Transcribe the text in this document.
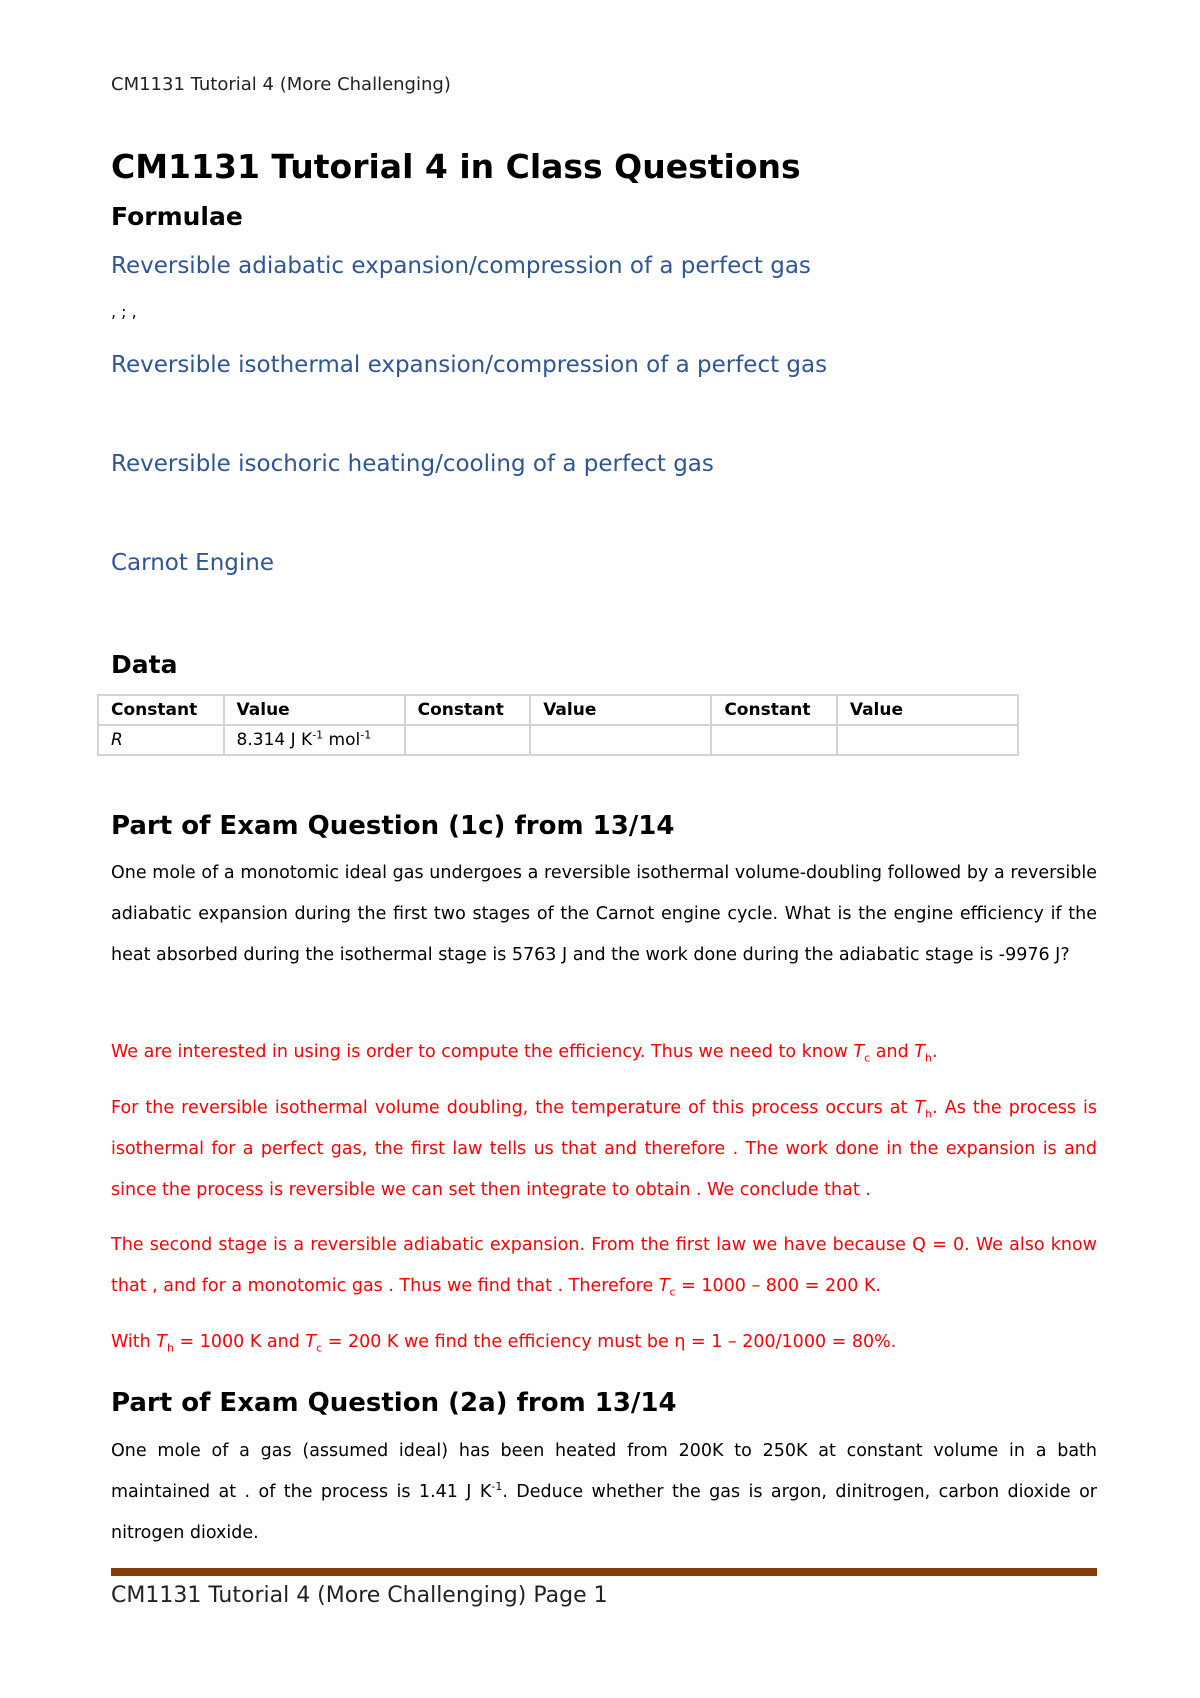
CM1131 Tutorial 4 (More Challenging)
CM1131 Tutorial 4 in Class Questions
Formulae
Reversible adiabatic expansion/compression of a perfect gas
, ; ,
Reversible isothermal expansion/compression of a perfect gas
Reversible isochoric heating/cooling of a perfect gas
Carnot Engine
Data
Constant	Value	Constant	Value	Constant	Value
R	8.314 J $K^{-1}$ mol$^{-1}$				
Part of Exam Question (1c) from 13/14
One mole of a monotomic ideal gas undergoes a reversible isothermal volume-doubling followed by a reversible adiabatic expansion during the first two stages of the Carnot engine cycle. What is the engine efficiency if the heat absorbed during the isothermal stage is 5763 J and the work done during the adiabatic stage is -9976 J?
We are interested in using is order to compute the efficiency. Thus we need to know $T_c$ and $T_h$.
For the reversible isothermal volume doubling, the temperature of this process occurs at $T_h$. As the process is isothermal for a perfect gas, the first law tells us that and therefore . The work done in the expansion is and since the process is reversible we can set then integrate to obtain . We conclude that .
The second stage is a reversible adiabatic expansion. From the first law we have because Q = 0. We also know that , and for a monotomic gas . Thus we find that . Therefore $T_c = 1000 - 800 = 200$ K.
With $T_h = 1000$ K and $T_c = 200$ K we find the efficiency must be η = 1 – 200/1000 = 80%.
Part of Exam Question (2a) from 13/14
One mole of a gas (assumed ideal) has been heated from 200K to 250K at constant volume in a bath maintained at . of the process is 1.41 J $K^{-1}$. Deduce whether the gas is argon, dinitrogen, carbon dioxide or nitrogen dioxide.
CM1131 Tutorial 4 (More Challenging) Page 1
